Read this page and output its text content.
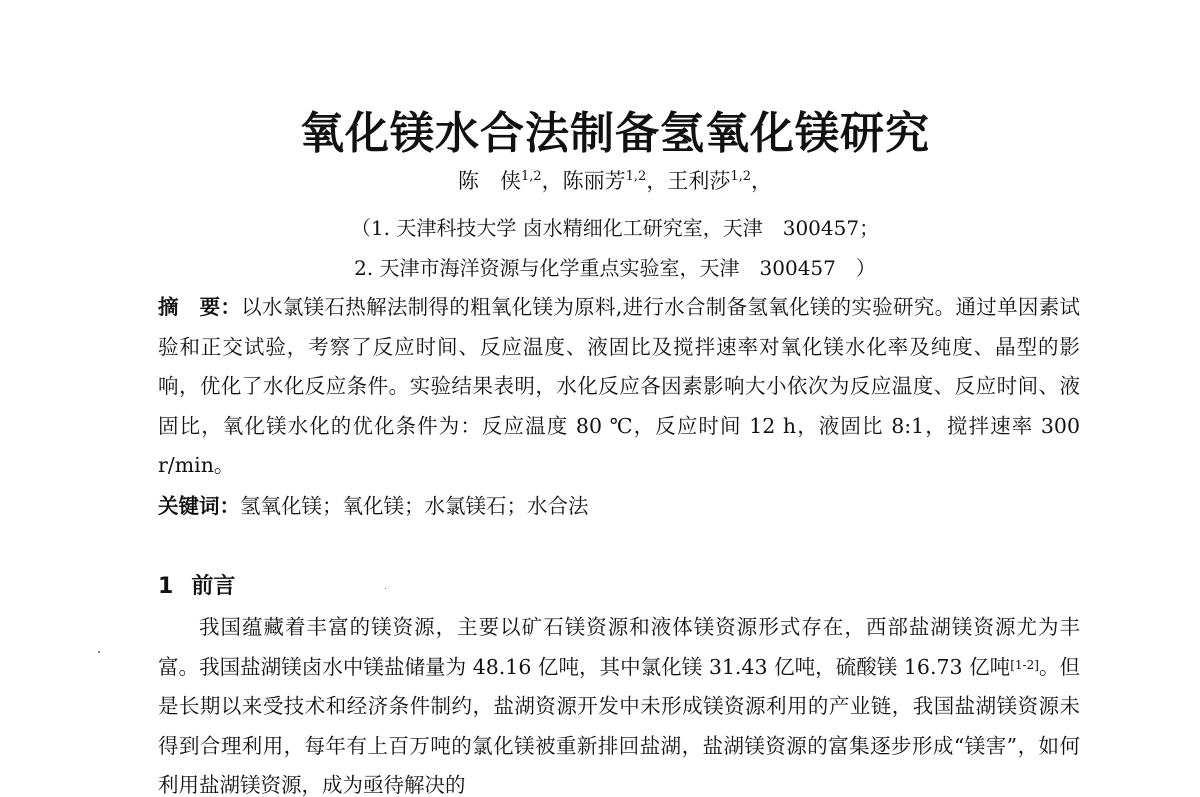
氧化镁水合法制备氢氧化镁研究
陈　侠$^{1,2}$，陈丽芳$^{1,2}$，王利莎$^{1,2}$，
（1. 天津科技大学 卤水精细化工研究室，天津　300457；
2. 天津市海洋资源与化学重点实验室，天津　300457　）

摘　要：以水氯镁石热解法制得的粗氧化镁为原料,进行水合制备氢氧化镁的实验研究。通过单因素试验和正交试验，考察了反应时间、反应温度、液固比及搅拌速率对氧化镁水化率及纯度、晶型的影响，优化了水化反应条件。实验结果表明，水化反应各因素影响大小依次为反应温度、反应时间、液固比，氧化镁水化的优化条件为：反应温度 80 ℃，反应时间 12 h，液固比 8:1，搅拌速率 300 r/min。

关键词：氢氧化镁；氧化镁；水氯镁石；水合法

1 前言

我国蕴藏着丰富的镁资源，主要以矿石镁资源和液体镁资源形式存在，西部盐湖镁资源尤为丰富。我国盐湖镁卤水中镁盐储量为 48.16 亿吨，其中氯化镁 31.43 亿吨，硫酸镁 16.73 亿吨[1-2]。但是长期以来受技术和经济条件制约，盐湖资源开发中未形成镁资源利用的产业链，我国盐湖镁资源未得到合理利用，每年有上百万吨的氯化镁被重新排回盐湖，盐湖镁资源的富集逐步形成“镁害”，如何利用盐湖镁资源，成为亟待解决的
